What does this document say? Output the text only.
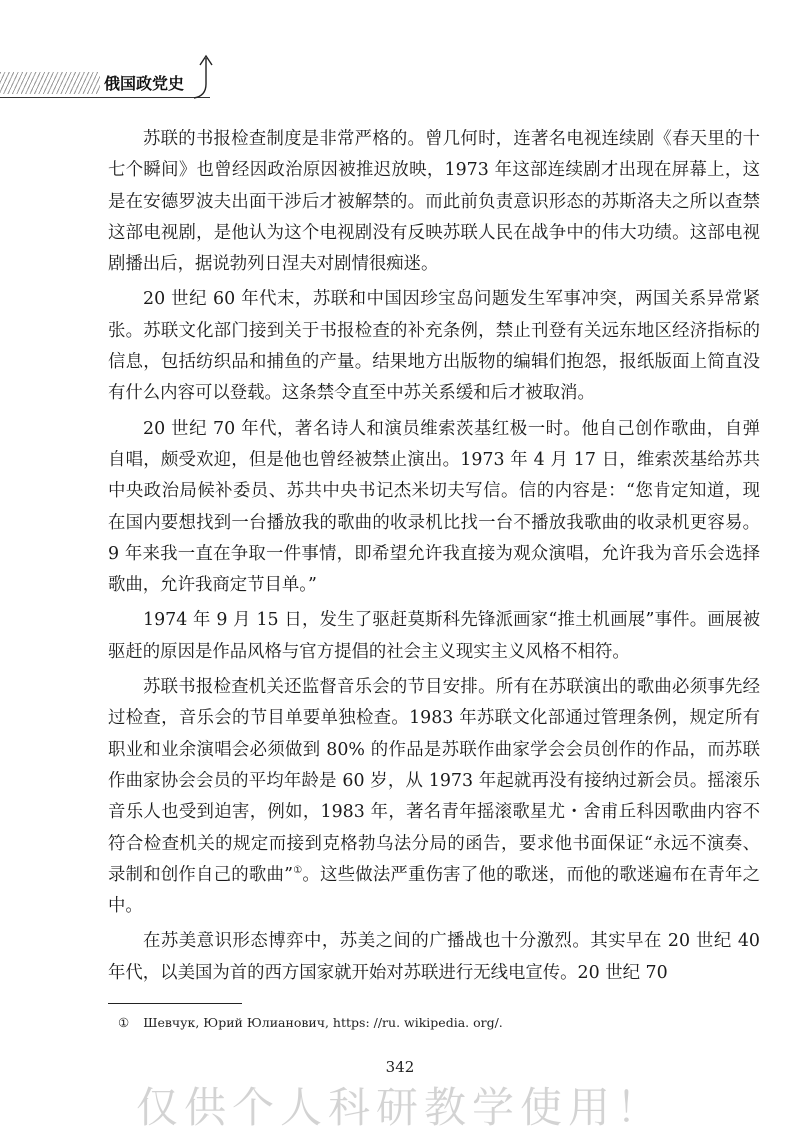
俄国政党史

苏联的书报检查制度是非常严格的。曾几何时，连著名电视连续剧《春天里的十七个瞬间》也曾经因政治原因被推迟放映，1973 年这部连续剧才出现在屏幕上，这是在安德罗波夫出面干涉后才被解禁的。而此前负责意识形态的苏斯洛夫之所以查禁这部电视剧，是他认为这个电视剧没有反映苏联人民在战争中的伟大功绩。这部电视剧播出后，据说勃列日涅夫对剧情很痴迷。

20 世纪 60 年代末，苏联和中国因珍宝岛问题发生军事冲突，两国关系异常紧张。苏联文化部门接到关于书报检查的补充条例，禁止刊登有关远东地区经济指标的信息，包括纺织品和捕鱼的产量。结果地方出版物的编辑们抱怨，报纸版面上简直没有什么内容可以登载。这条禁令直至中苏关系缓和后才被取消。

20 世纪 70 年代，著名诗人和演员维索茨基红极一时。他自己创作歌曲，自弹自唱，颇受欢迎，但是他也曾经被禁止演出。1973 年 4 月 17 日，维索茨基给苏共中央政治局候补委员、苏共中央书记杰米切夫写信。信的内容是：“您肯定知道，现在国内要想找到一台播放我的歌曲的收录机比找一台不播放我歌曲的收录机更容易。9 年来我一直在争取一件事情，即希望允许我直接为观众演唱，允许我为音乐会选择歌曲，允许我商定节目单。”

1974 年 9 月 15 日，发生了驱赶莫斯科先锋派画家“推土机画展”事件。画展被驱赶的原因是作品风格与官方提倡的社会主义现实主义风格不相符。

苏联书报检查机关还监督音乐会的节目安排。所有在苏联演出的歌曲必须事先经过检查，音乐会的节目单要单独检查。1983 年苏联文化部通过管理条例，规定所有职业和业余演唱会必须做到 80% 的作品是苏联作曲家学会会员创作的作品，而苏联作曲家协会会员的平均年龄是 60 岁，从 1973 年起就再没有接纳过新会员。摇滚乐音乐人也受到迫害，例如，1983 年，著名青年摇滚歌星尤・舍甫丘科因歌曲内容不符合检查机关的规定而接到克格勃乌法分局的函告，要求他书面保证“永远不演奏、录制和创作自己的歌曲”①。这些做法严重伤害了他的歌迷，而他的歌迷遍布在青年之中。

在苏美意识形态博弈中，苏美之间的广播战也十分激烈。其实早在 20 世纪 40 年代，以美国为首的西方国家就开始对苏联进行无线电宣传。20 世纪 70

① Шевчук, Юрий Юлианович, https: //ru. wikipedia. org/.
342
仅供个人科研教学使用！
